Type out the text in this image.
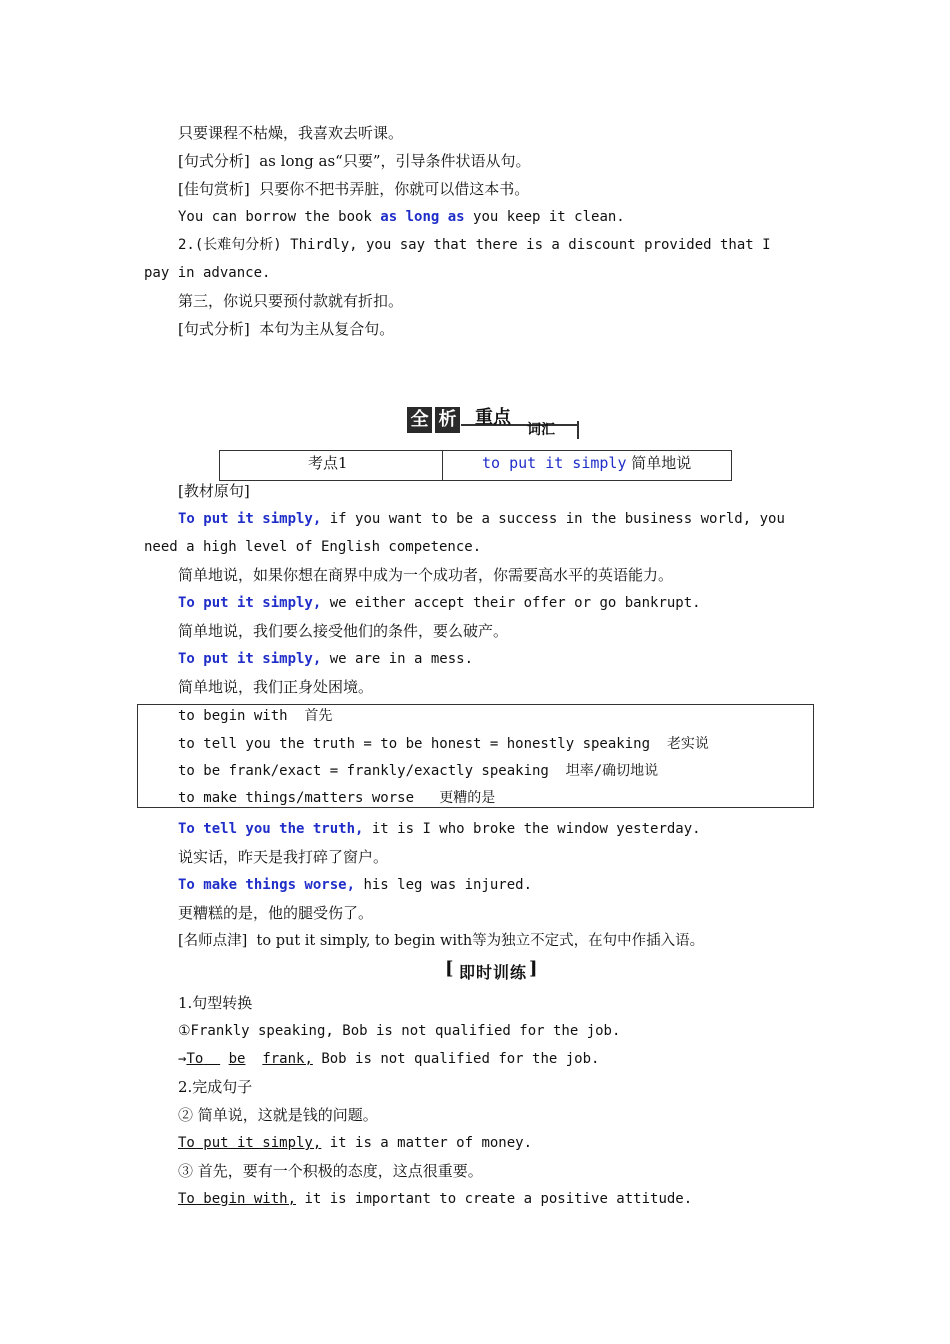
只要课程不枯燥，我喜欢去听课。
[句式分析]  as long as“只要”，引导条件状语从句。
[佳句赏析]  只要你不把书弄脏，你就可以借这本书。
You can borrow the book as long as you keep it clean.
2.(长难句分析) Thirdly, you say that there is a discount provided that I
pay in advance.
第三，你说只要预付款就有折扣。
[句式分析]  本句为主从复合句。
全 析 重点
词汇
考点1	to put it simply 简单地说
[教材原句]
To put it simply, if you want to be a success in the business world, you
need a high level of English competence.
简单地说，如果你想在商界中成为一个成功者，你需要高水平的英语能力。
To put it simply, we either accept their offer or go bankrupt.
简单地说，我们要么接受他们的条件，要么破产。
To put it simply, we are in a mess.
简单地说，我们正身处困境。
to begin with  首先
to tell you the truth = to be honest = honestly speaking  老实说
to be frank/exact = frankly/exactly speaking  坦率/确切地说
to make things/matters worse   更糟的是
To tell you the truth, it is I who broke the window yesterday.
说实话，昨天是我打碎了窗户。
To make things worse, his leg was injured.
更糟糕的是，他的腿受伤了。
[名师点津]  to put it simply, to begin with等为独立不定式，在句中作插入语。
[ 即时训练 ]
1.句型转换
①Frankly speaking, Bob is not qualified for the job.
→To be frank, Bob is not qualified for the job.
2.完成句子
② 简单说，这就是钱的问题。
To put it simply, it is a matter of money.
③ 首先，要有一个积极的态度，这点很重要。
To begin with, it is important to create a positive attitude.
